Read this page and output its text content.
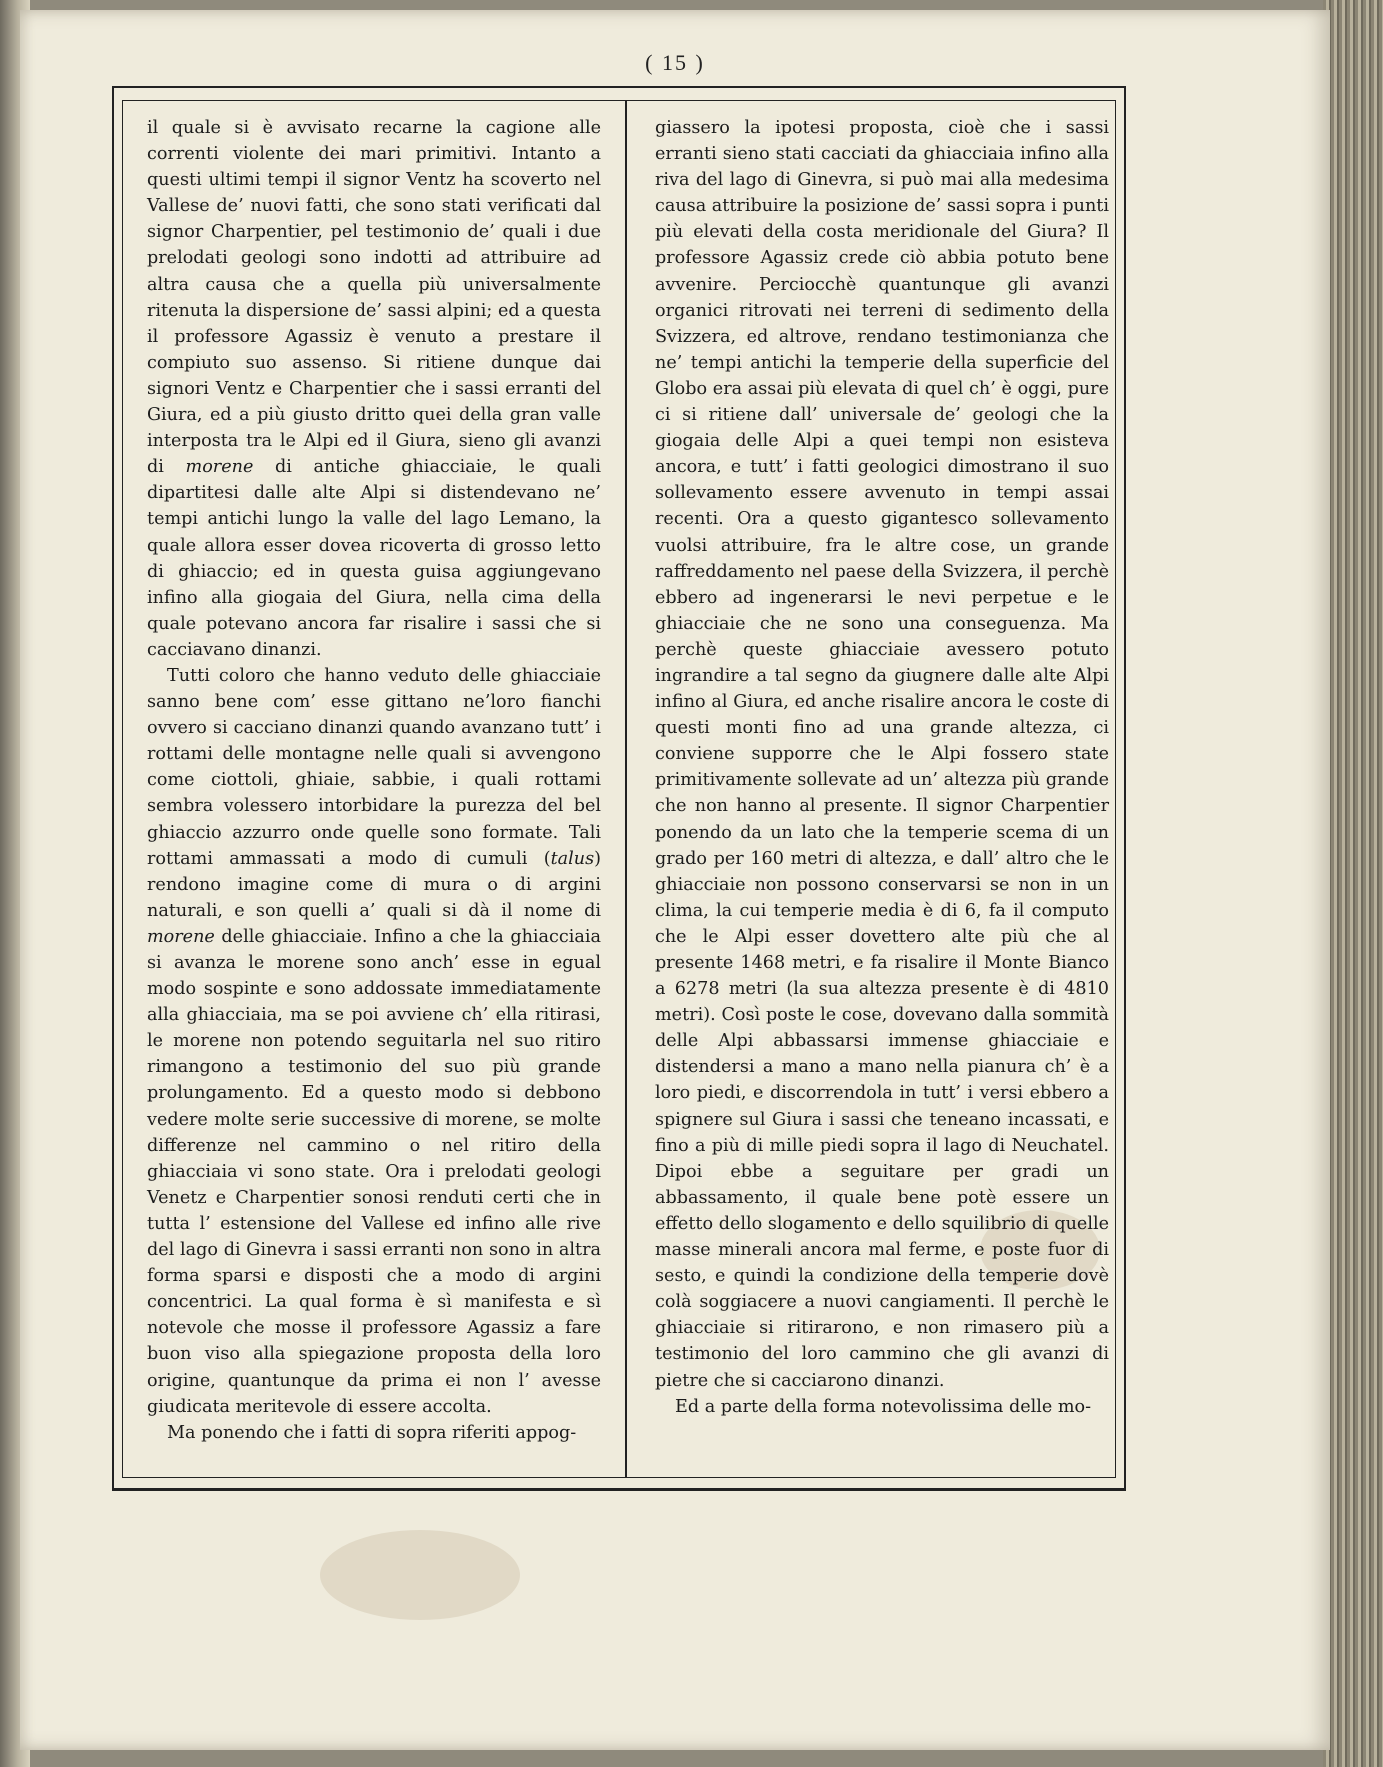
( 15 )

il quale si è avvisato recarne la cagione alle correnti violente dei mari primitivi. Intanto a questi ultimi tempi il signor Ventz ha scoverto nel Vallese de’ nuovi fatti, che sono stati verificati dal signor Charpentier, pel testimonio de’ quali i due prelodati geologi sono indotti ad attribuire ad altra causa che a quella più universalmente ritenuta la dispersione de’ sassi alpini; ed a questa il professore Agassiz è venuto a prestare il compiuto suo assenso. Si ritiene dunque dai signori Ventz e Charpentier che i sassi erranti del Giura, ed a più giusto dritto quei della gran valle interposta tra le Alpi ed il Giura, sieno gli avanzi di morene di antiche ghiacciaie, le quali dipartitesi dalle alte Alpi si distendevano ne’ tempi antichi lungo la valle del lago Lemano, la quale allora esser dovea ricoverta di grosso letto di ghiaccio; ed in questa guisa aggiungevano infino alla giogaia del Giura, nella cima della quale potevano ancora far risalire i sassi che si cacciavano dinanzi.

Tutti coloro che hanno veduto delle ghiacciaie sanno bene com’ esse gittano ne’loro fianchi ovvero si cacciano dinanzi quando avanzano tutt’ i rottami delle montagne nelle quali si avvengono come ciottoli, ghiaie, sabbie, i quali rottami sembra volessero intorbidare la purezza del bel ghiaccio azzurro onde quelle sono formate. Tali rottami ammassati a modo di cumuli (talus) rendono imagine come di mura o di argini naturali, e son quelli a’ quali si dà il nome di morene delle ghiacciaie. Infino a che la ghiacciaia si avanza le morene sono anch’ esse in egual modo sospinte e sono addossate immediatamente alla ghiacciaia, ma se poi avviene ch’ ella ritirasi, le morene non potendo seguitarla nel suo ritiro rimangono a testimonio del suo più grande prolungamento. Ed a questo modo si debbono vedere molte serie successive di morene, se molte differenze nel cammino o nel ritiro della ghiacciaia vi sono state. Ora i prelodati geologi Venetz e Charpentier sonosi renduti certi che in tutta l’ estensione del Vallese ed infino alle rive del lago di Ginevra i sassi erranti non sono in altra forma sparsi e disposti che a modo di argini concentrici. La qual forma è sì manifesta e sì notevole che mosse il professore Agassiz a fare buon viso alla spiegazione proposta della loro origine, quantunque da prima ei non l’ avesse giudicata meritevole di essere accolta.

Ma ponendo che i fatti di sopra riferiti appog-

giassero la ipotesi proposta, cioè che i sassi erranti sieno stati cacciati da ghiacciaia infino alla riva del lago di Ginevra, si può mai alla medesima causa attribuire la posizione de’ sassi sopra i punti più elevati della costa meridionale del Giura? Il professore Agassiz crede ciò abbia potuto bene avvenire. Perciocchè quantunque gli avanzi organici ritrovati nei terreni di sedimento della Svizzera, ed altrove, rendano testimonianza che ne’ tempi antichi la temperie della superficie del Globo era assai più elevata di quel ch’ è oggi, pure ci si ritiene dall’ universale de’ geologi che la giogaia delle Alpi a quei tempi non esisteva ancora, e tutt’ i fatti geologici dimostrano il suo sollevamento essere avvenuto in tempi assai recenti. Ora a questo gigantesco sollevamento vuolsi attribuire, fra le altre cose, un grande raffreddamento nel paese della Svizzera, il perchè ebbero ad ingenerarsi le nevi perpetue e le ghiacciaie che ne sono una conseguenza. Ma perchè queste ghiacciaie avessero potuto ingrandire a tal segno da giugnere dalle alte Alpi infino al Giura, ed anche risalire ancora le coste di questi monti fino ad una grande altezza, ci conviene supporre che le Alpi fossero state primitivamente sollevate ad un’ altezza più grande che non hanno al presente. Il signor Charpentier ponendo da un lato che la temperie scema di un grado per 160 metri di altezza, e dall’ altro che le ghiacciaie non possono conservarsi se non in un clima, la cui temperie media è di 6, fa il computo che le Alpi esser dovettero alte più che al presente 1468 metri, e fa risalire il Monte Bianco a 6278 metri (la sua altezza presente è di 4810 metri). Così poste le cose, dovevano dalla sommità delle Alpi abbassarsi immense ghiacciaie e distendersi a mano a mano nella pianura ch’ è a loro piedi, e discorrendola in tutt’ i versi ebbero a spignere sul Giura i sassi che teneano incassati, e fino a più di mille piedi sopra il lago di Neuchatel. Dipoi ebbe a seguitare per gradi un abbassamento, il quale bene potè essere un effetto dello slogamento e dello squilibrio di quelle masse minerali ancora mal ferme, e poste fuor di sesto, e quindi la condizione della temperie dovè colà soggiacere a nuovi cangiamenti. Il perchè le ghiacciaie si ritirarono, e non rimasero più a testimonio del loro cammino che gli avanzi di pietre che si cacciarono dinanzi.

Ed a parte della forma notevolissima delle mo-
